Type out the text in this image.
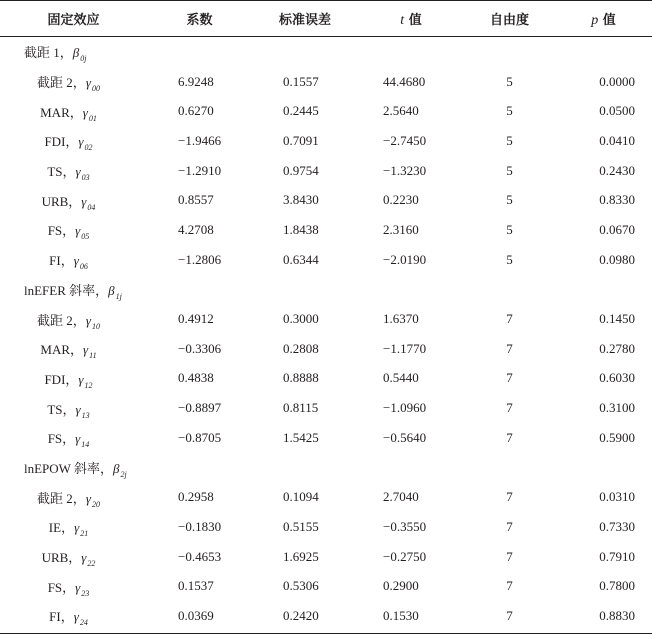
固定效应	系数	标准误差	t 值	自由度	p 值
截距 1，$\beta_{0j}$
截距 2，$\gamma_{00}$	6.9248	0.1557	44.4680	5	0.0000
MAR，$\gamma_{01}$	0.6270	0.2445	2.5640	5	0.0500
FDI，$\gamma_{02}$	−1.9466	0.7091	−2.7450	5	0.0410
TS，$\gamma_{03}$	−1.2910	0.9754	−1.3230	5	0.2430
URB，$\gamma_{04}$	0.8557	3.8430	0.2230	5	0.8330
FS，$\gamma_{05}$	4.2708	1.8438	2.3160	5	0.0670
FI，$\gamma_{06}$	−1.2806	0.6344	−2.0190	5	0.0980
lnEFER 斜率，$\beta_{1j}$
截距 2，$\gamma_{10}$	0.4912	0.3000	1.6370	7	0.1450
MAR，$\gamma_{11}$	−0.3306	0.2808	−1.1770	7	0.2780
FDI，$\gamma_{12}$	0.4838	0.8888	0.5440	7	0.6030
TS，$\gamma_{13}$	−0.8897	0.8115	−1.0960	7	0.3100
FS，$\gamma_{14}$	−0.8705	1.5425	−0.5640	7	0.5900
lnEPOW 斜率，$\beta_{2j}$
截距 2，$\gamma_{20}$	0.2958	0.1094	2.7040	7	0.0310
IE，$\gamma_{21}$	−0.1830	0.5155	−0.3550	7	0.7330
URB，$\gamma_{22}$	−0.4653	1.6925	−0.2750	7	0.7910
FS，$\gamma_{23}$	0.1537	0.5306	0.2900	7	0.7800
FI，$\gamma_{24}$	0.0369	0.2420	0.1530	7	0.8830
